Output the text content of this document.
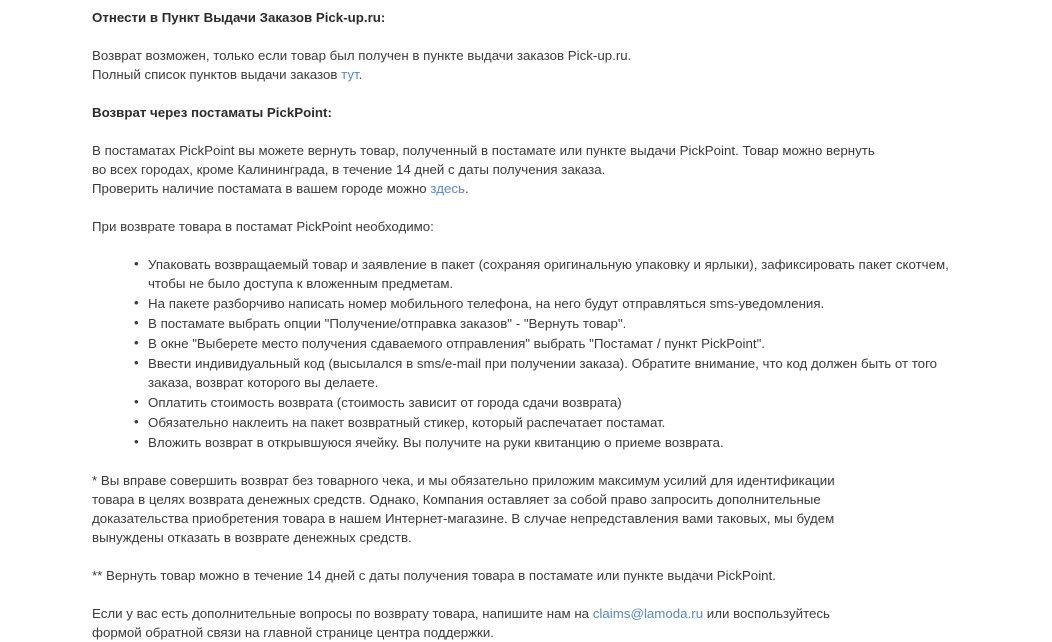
Отнести в Пункт Выдачи Заказов Pick-up.ru:

Возврат возможен, только если товар был получен в пункте выдачи заказов Pick-up.ru.
Полный список пунктов выдачи заказов тут.

Возврат через постаматы PickPoint:

В постаматах PickPoint вы можете вернуть товар, полученный в постамате или пункте выдачи PickPoint. Товар можно вернуть
во всех городах, кроме Калининграда, в течение 14 дней с даты получения заказа.
Проверить наличие постамата в вашем городе можно здесь.

При возврате товара в постамат PickPoint необходимо:

• Упаковать возвращаемый товар и заявление в пакет (сохраняя оригинальную упаковку и ярлыки), зафиксировать пакет скотчем, чтобы не было доступа к вложенным предметам.
• На пакете разборчиво написать номер мобильного телефона, на него будут отправляться sms-уведомления.
• В постамате выбрать опции "Получение/отправка заказов" - "Вернуть товар".
• В окне "Выберете место получения сдаваемого отправления" выбрать "Постамат / пункт PickPoint".
• Ввести индивидуальный код (высылался в sms/e-mail при получении заказа). Обратите внимание, что код должен быть от того заказа, возврат которого вы делаете.
• Оплатить стоимость возврата (стоимость зависит от города сдачи возврата)
• Обязательно наклеить на пакет возвратный стикер, который распечатает постамат.
• Вложить возврат в открывшуюся ячейку. Вы получите на руки квитанцию о приеме возврата.

* Вы вправе совершить возврат без товарного чека, и мы обязательно приложим максимум усилий для идентификации
товара в целях возврата денежных средств. Однако, Компания оставляет за собой право запросить дополнительные
доказательства приобретения товара в нашем Интернет-магазине. В случае непредставления вами таковых, мы будем
вынуждены отказать в возврате денежных средств.

** Вернуть товар можно в течение 14 дней с даты получения товара в постамате или пункте выдачи PickPoint.

Если у вас есть дополнительные вопросы по возврату товара, напишите нам на claims@lamoda.ru или воспользуйтесь
формой обратной связи на главной странице центра поддержки.
